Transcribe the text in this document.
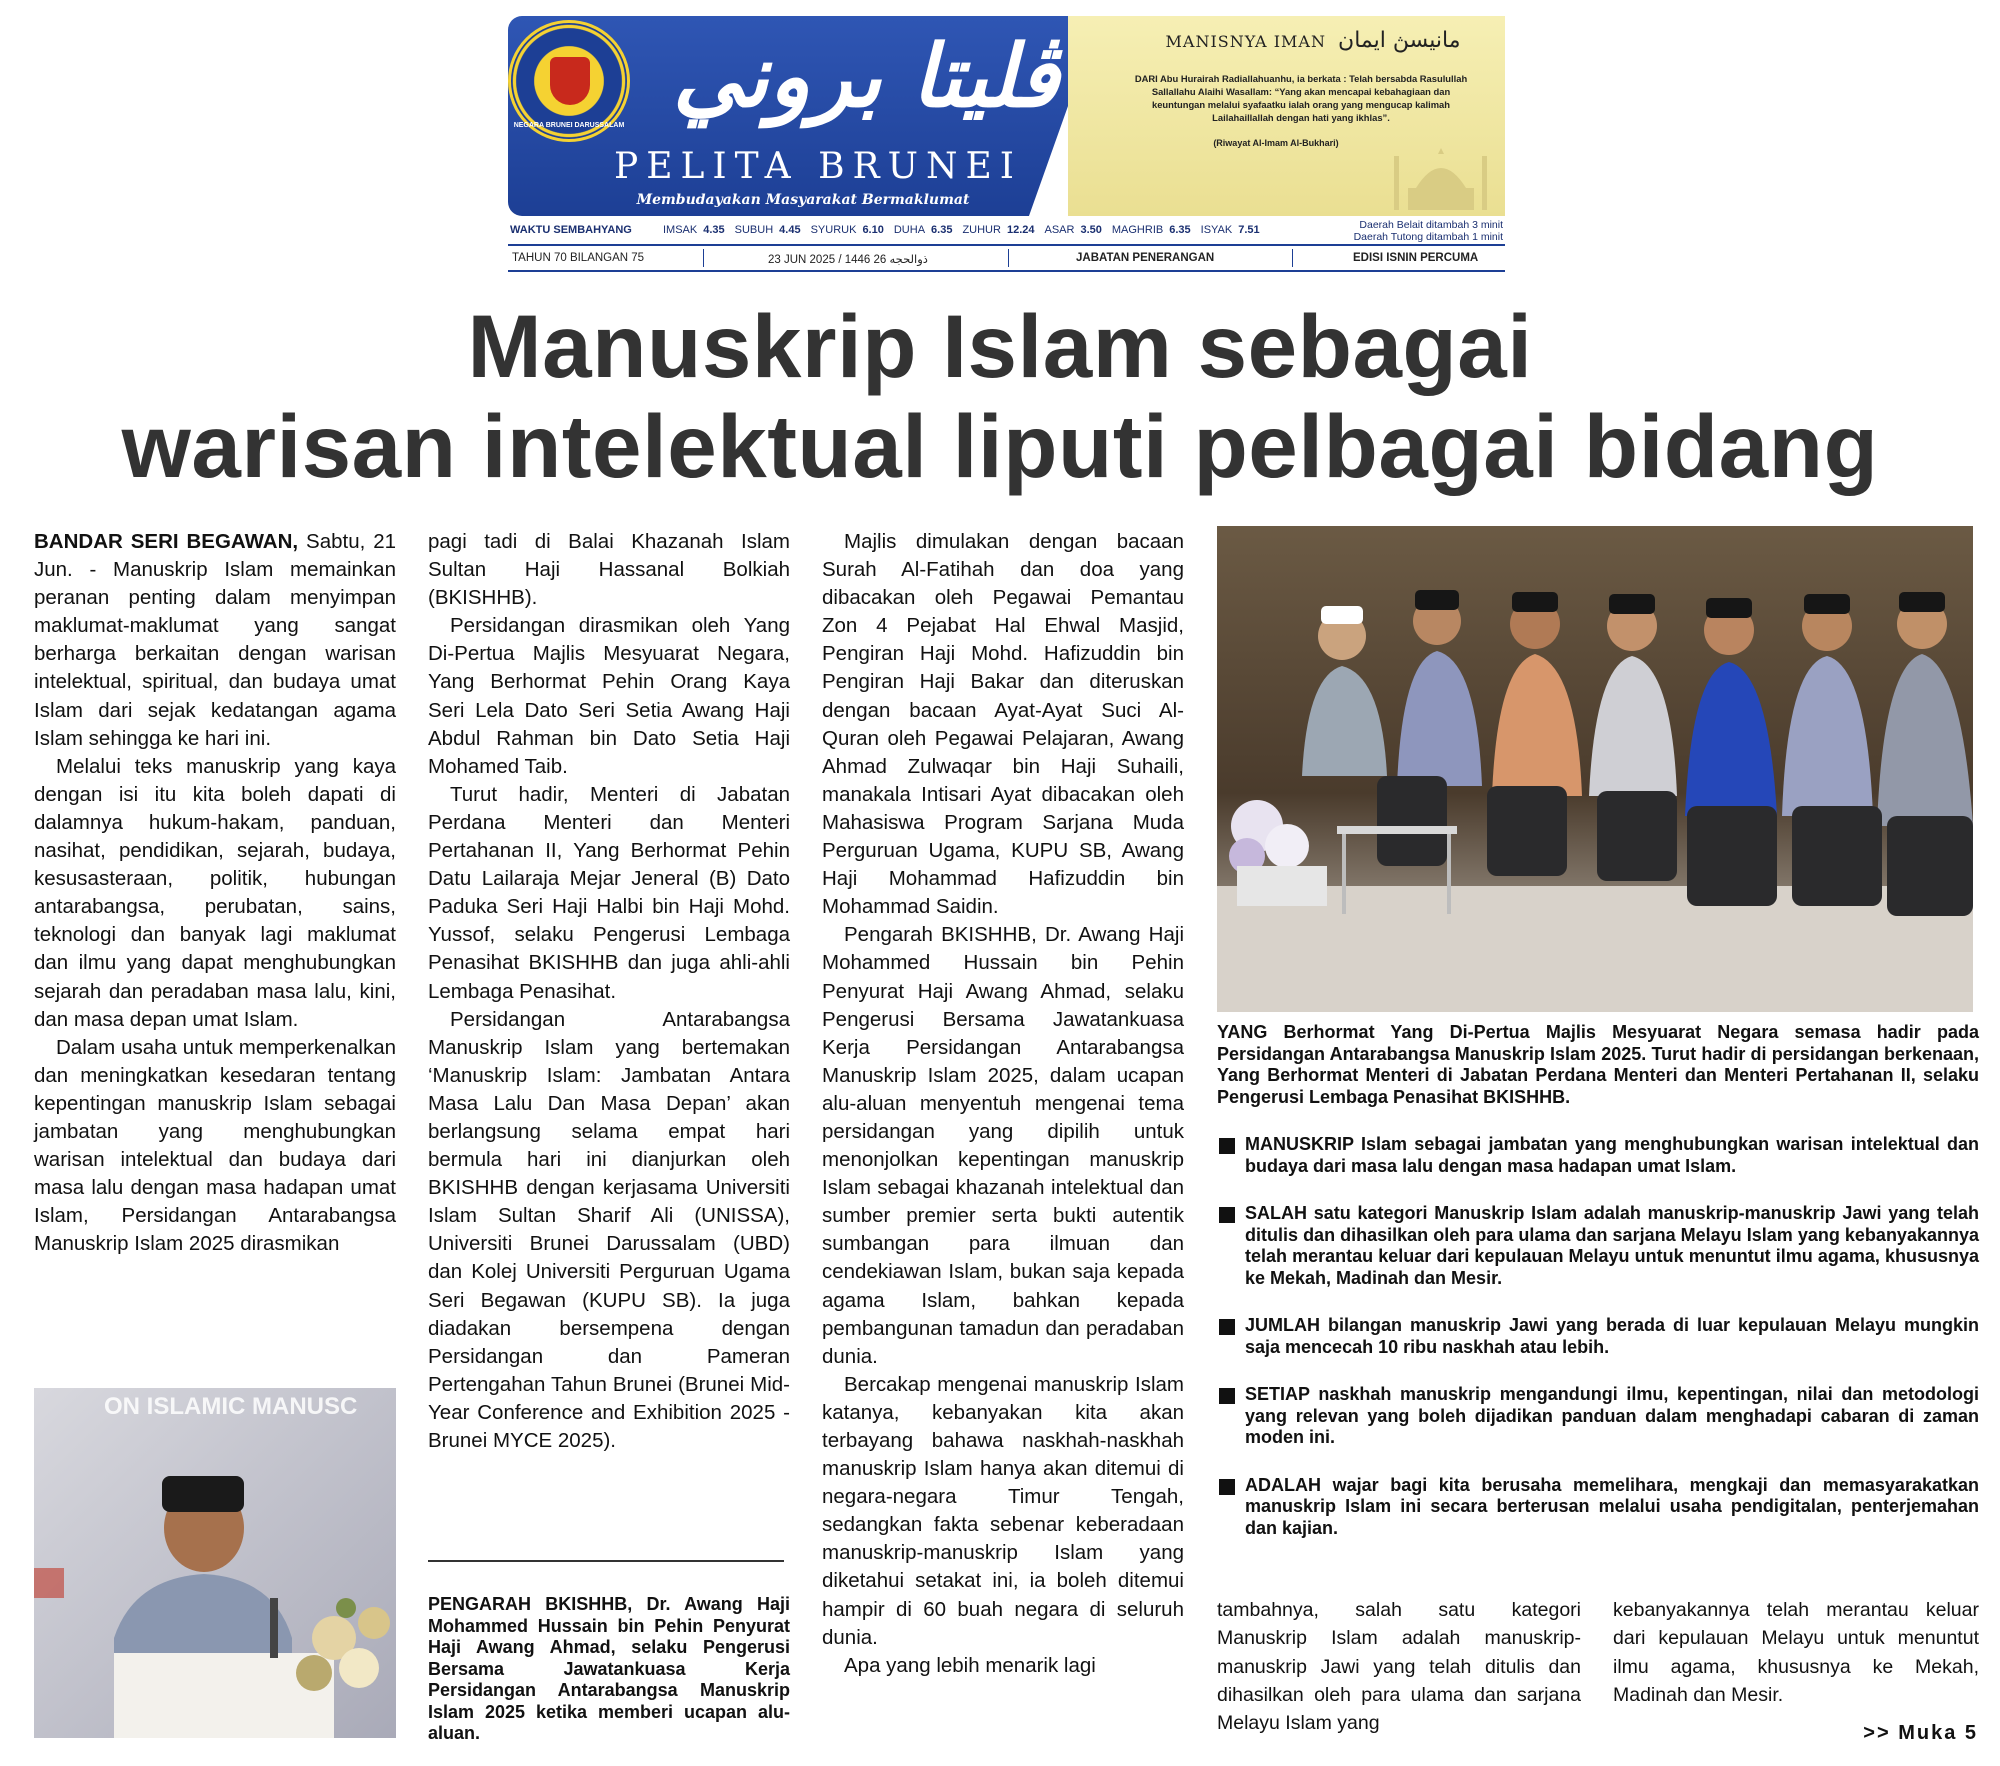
NEGARA BRUNEI DARUSSALAM ڤليتا بروني
PELITA BRUNEI
Membudayakan Masyarakat Bermaklumat
MANISNYA IMAN مانيسڽ ايمان
DARI Abu Hurairah Radiallahuanhu, ia berkata : Telah bersabda Rasulullah Sallallahu Alaihi Wasallam: “Yang akan mencapai kebahagiaan dan keuntungan melalui syafaatku ialah orang yang mengucap kalimah Lailahaillallah dengan hati yang ikhlas”.
(Riwayat Al-Imam Al-Bukhari)
WAKTU SEMBAHYANG	IMSAK 4.35 SUBUH 4.45 SYURUK 6.10 DUHA 6.35 ZUHUR 12.24 ASAR 3.50 MAGHRIB 6.35 ISYAK 7.51	Daerah Belait ditambah 3 minit
Daerah Tutong ditambah 1 minit
TAHUN 70 BILANGAN 75	23 JUN 2025 / 1446 ذوالحجه 26	JABATAN PENERANGAN	EDISI ISNIN PERCUMA
Manuskrip Islam sebagai
warisan intelektual liputi pelbagai bidang

BANDAR SERI BEGAWAN, Sabtu, 21 Jun. - Manuskrip Islam memainkan peranan penting dalam menyimpan maklumat-maklumat yang sangat berharga berkaitan dengan warisan intelektual, spiritual, dan budaya umat Islam dari sejak kedatangan agama Islam sehingga ke hari ini.

Melalui teks manuskrip yang kaya dengan isi itu kita boleh dapati di dalamnya hukum-hakam, panduan, nasihat, pendidikan, sejarah, budaya, kesusasteraan, politik, hubungan antarabangsa, perubatan, sains, teknologi dan banyak lagi maklumat dan ilmu yang dapat menghubungkan sejarah dan peradaban masa lalu, kini, dan masa depan umat Islam.

Dalam usaha untuk memperkenalkan dan meningkatkan kesedaran tentang kepentingan manuskrip Islam sebagai jambatan yang menghubungkan warisan intelektual dan budaya dari masa lalu dengan masa hadapan umat Islam, Persidangan Antarabangsa Manuskrip Islam 2025 dirasmikan

ON ISLAMIC MANUSC

pagi tadi di Balai Khazanah Islam Sultan Haji Hassanal Bolkiah (BKISHHB).

Persidangan dirasmikan oleh Yang Di-Pertua Majlis Mesyuarat Negara, Yang Berhormat Pehin Orang Kaya Seri Lela Dato Seri Setia Awang Haji Abdul Rahman bin Dato Setia Haji Mohamed Taib.

Turut hadir, Menteri di Jabatan Perdana Menteri dan Menteri Pertahanan II, Yang Berhormat Pehin Datu Lailaraja Mejar Jeneral (B) Dato Paduka Seri Haji Halbi bin Haji Mohd. Yussof, selaku Pengerusi Lembaga Penasihat BKISHHB dan juga ahli-ahli Lembaga Penasihat.

Persidangan Antarabangsa Manuskrip Islam yang bertemakan ‘Manuskrip Islam: Jambatan Antara Masa Lalu Dan Masa Depan’ akan berlangsung selama empat hari bermula hari ini dianjurkan oleh BKISHHB dengan kerjasama Universiti Islam Sultan Sharif Ali (UNISSA), Universiti Brunei Darussalam (UBD) dan Kolej Universiti Perguruan Ugama Seri Begawan (KUPU SB). Ia juga diadakan bersempena dengan Persidangan dan Pameran Pertengahan Tahun Brunei (Brunei Mid-Year Conference and Exhibition 2025 - Brunei MYCE 2025).

PENGARAH BKISHHB, Dr. Awang Haji Mohammed Hussain bin Pehin Penyurat Haji Awang Ahmad, selaku Pengerusi Bersama Jawatankuasa Kerja Persidangan Antarabangsa Manuskrip Islam 2025 ketika memberi ucapan alu-aluan.

Majlis dimulakan dengan bacaan Surah Al-Fatihah dan doa yang dibacakan oleh Pegawai Pemantau Zon 4 Pejabat Hal Ehwal Masjid, Pengiran Haji Mohd. Hafizuddin bin Pengiran Haji Bakar dan diteruskan dengan bacaan Ayat-Ayat Suci Al-Quran oleh Pegawai Pelajaran, Awang Ahmad Zulwaqar bin Haji Suhaili, manakala Intisari Ayat dibacakan oleh Mahasiswa Program Sarjana Muda Perguruan Ugama, KUPU SB, Awang Haji Mohammad Hafizuddin bin Mohammad Saidin.

Pengarah BKISHHB, Dr. Awang Haji Mohammed Hussain bin Pehin Penyurat Haji Awang Ahmad, selaku Pengerusi Bersama Jawatankuasa Kerja Persidangan Antarabangsa Manuskrip Islam 2025, dalam ucapan alu-aluan menyentuh mengenai tema persidangan yang dipilih untuk menonjolkan kepentingan manuskrip Islam sebagai khazanah intelektual dan sumber premier serta bukti autentik sumbangan para ilmuan dan cendekiawan Islam, bukan saja kepada agama Islam, bahkan kepada pembangunan tamadun dan peradaban dunia.

Bercakap mengenai manuskrip Islam katanya, kebanyakan kita akan terbayang bahawa naskhah-naskhah manuskrip Islam hanya akan ditemui di negara-negara Timur Tengah, sedangkan fakta sebenar keberadaan manuskrip-manuskrip Islam yang diketahui setakat ini, ia boleh ditemui hampir di 60 buah negara di seluruh dunia.

Apa yang lebih menarik lagi

YANG Berhormat Yang Di-Pertua Majlis Mesyuarat Negara semasa hadir pada Persidangan Antarabangsa Manuskrip Islam 2025. Turut hadir di persidangan berkenaan, Yang Berhormat Menteri di Jabatan Perdana Menteri dan Menteri Pertahanan II, selaku Pengerusi Lembaga Penasihat BKISHHB.
MANUSKRIP Islam sebagai jambatan yang menghubungkan warisan intelektual dan budaya dari masa lalu dengan masa hadapan umat Islam.
SALAH satu kategori Manuskrip Islam adalah manuskrip-manuskrip Jawi yang telah ditulis dan dihasilkan oleh para ulama dan sarjana Melayu Islam yang kebanyakannya telah merantau keluar dari kepulauan Melayu untuk menuntut ilmu agama, khususnya ke Mekah, Madinah dan Mesir.
JUMLAH bilangan manuskrip Jawi yang berada di luar kepulauan Melayu mungkin saja mencecah 10 ribu naskhah atau lebih.
SETIAP naskhah manuskrip mengandungi ilmu, kepentingan, nilai dan metodologi yang relevan yang boleh dijadikan panduan dalam menghadapi cabaran di zaman moden ini.
ADALAH wajar bagi kita berusaha memelihara, mengkaji dan memasyarakatkan manuskrip Islam ini secara berterusan melalui usaha pendigitalan, penterjemahan dan kajian.

tambahnya, salah satu kategori Manuskrip Islam adalah manuskrip-manuskrip Jawi yang telah ditulis dan dihasilkan oleh para ulama dan sarjana Melayu Islam yang

kebanyakannya telah merantau keluar dari kepulauan Melayu untuk menuntut ilmu agama, khususnya ke Mekah, Madinah dan Mesir.

>> Muka 5
